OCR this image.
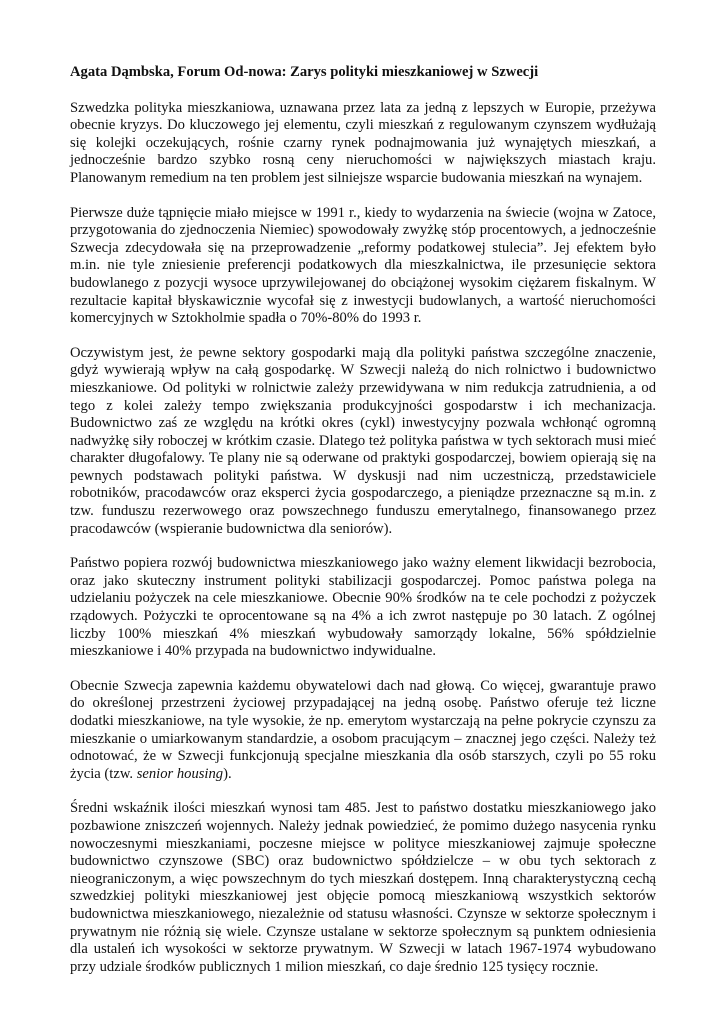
Agata Dąmbska, Forum Od-nowa: Zarys polityki mieszkaniowej w Szwecji

Szwedzka polityka mieszkaniowa, uznawana przez lata za jedną z lepszych w Europie, przeżywa obecnie kryzys. Do kluczowego jej elementu, czyli mieszkań z regulowanym czynszem wydłużają się kolejki oczekujących, rośnie czarny rynek podnajmowania już wynajętych mieszkań, a jednocześnie bardzo szybko rosną ceny nieruchomości w największych miastach kraju. Planowanym remedium na ten problem jest silniejsze wsparcie budowania mieszkań na wynajem.

Pierwsze duże tąpnięcie miało miejsce w 1991 r., kiedy to wydarzenia na świecie (wojna w Zatoce, przygotowania do zjednoczenia Niemiec) spowodowały zwyżkę stóp procentowych, a jednocześnie Szwecja zdecydowała się na przeprowadzenie „reformy podatkowej stulecia”. Jej efektem było m.in. nie tyle zniesienie preferencji podatkowych dla mieszkalnictwa, ile przesunięcie sektora budowlanego z pozycji wysoce uprzywilejowanej do obciążonej wysokim ciężarem fiskalnym. W rezultacie kapitał błyskawicznie wycofał się z inwestycji budowlanych, a wartość nieruchomości komercyjnych w Sztokholmie spadła o 70%-80% do 1993 r.

Oczywistym jest, że pewne sektory gospodarki mają dla polityki państwa szczególne znaczenie, gdyż wywierają wpływ na całą gospodarkę. W Szwecji należą do nich rolnictwo i budownictwo mieszkaniowe. Od polityki w rolnictwie zależy przewidywana w nim redukcja zatrudnienia, a od tego z kolei zależy tempo zwiększania produkcyjności gospodarstw i ich mechanizacja. Budownictwo zaś ze względu na krótki okres (cykl) inwestycyjny pozwala wchłonąć ogromną nadwyżkę siły roboczej w krótkim czasie. Dlatego też polityka państwa w tych sektorach musi mieć charakter długofalowy. Te plany nie są oderwane od praktyki gospodarczej, bowiem opierają się na pewnych podstawach polityki państwa. W dyskusji nad nim uczestniczą, przedstawiciele robotników, pracodawców oraz eksperci życia gospodarczego, a pieniądze przeznaczne są m.in. z tzw. funduszu rezerwowego oraz powszechnego funduszu emerytalnego, finansowanego przez pracodawców (wspieranie budownictwa dla seniorów).

Państwo popiera rozwój budownictwa mieszkaniowego jako ważny element likwidacji bezrobocia, oraz jako skuteczny instrument polityki stabilizacji gospodarczej. Pomoc państwa polega na udzielaniu pożyczek na cele mieszkaniowe. Obecnie 90% środków na te cele pochodzi z pożyczek rządowych. Pożyczki te oprocentowane są na 4% a ich zwrot następuje po 30 latach. Z ogólnej liczby 100% mieszkań 4% mieszkań wybudowały samorządy lokalne, 56% spółdzielnie mieszkaniowe i 40% przypada na budownictwo indywidualne.

Obecnie Szwecja zapewnia każdemu obywatelowi dach nad głową. Co więcej, gwarantuje prawo do określonej przestrzeni życiowej przypadającej na jedną osobę. Państwo oferuje też liczne dodatki mieszkaniowe, na tyle wysokie, że np. emerytom wystarczają na pełne pokrycie czynszu za mieszkanie o umiarkowanym standardzie, a osobom pracującym – znacznej jego części. Należy też odnotować, że w Szwecji funkcjonują specjalne mieszkania dla osób starszych, czyli po 55 roku życia (tzw. senior housing).

Średni wskaźnik ilości mieszkań wynosi tam 485. Jest to państwo dostatku mieszkaniowego jako pozbawione zniszczeń wojennych. Należy jednak powiedzieć, że pomimo dużego nasycenia rynku nowoczesnymi mieszkaniami, poczesne miejsce w polityce mieszkaniowej zajmuje społeczne budownictwo czynszowe (SBC) oraz budownictwo spółdzielcze – w obu tych sektorach z nieograniczonym, a więc powszechnym do tych mieszkań dostępem. Inną charakterystyczną cechą szwedzkiej polityki mieszkaniowej jest objęcie pomocą mieszkaniową wszystkich sektorów budownictwa mieszkaniowego, niezależnie od statusu własności. Czynsze w sektorze społecznym i prywatnym nie różnią się wiele. Czynsze ustalane w sektorze społecznym są punktem odniesienia dla ustaleń ich wysokości w sektorze prywatnym. W Szwecji w latach 1967-1974 wybudowano przy udziale środków publicznych 1 milion mieszkań, co daje średnio 125 tysięcy rocznie.
